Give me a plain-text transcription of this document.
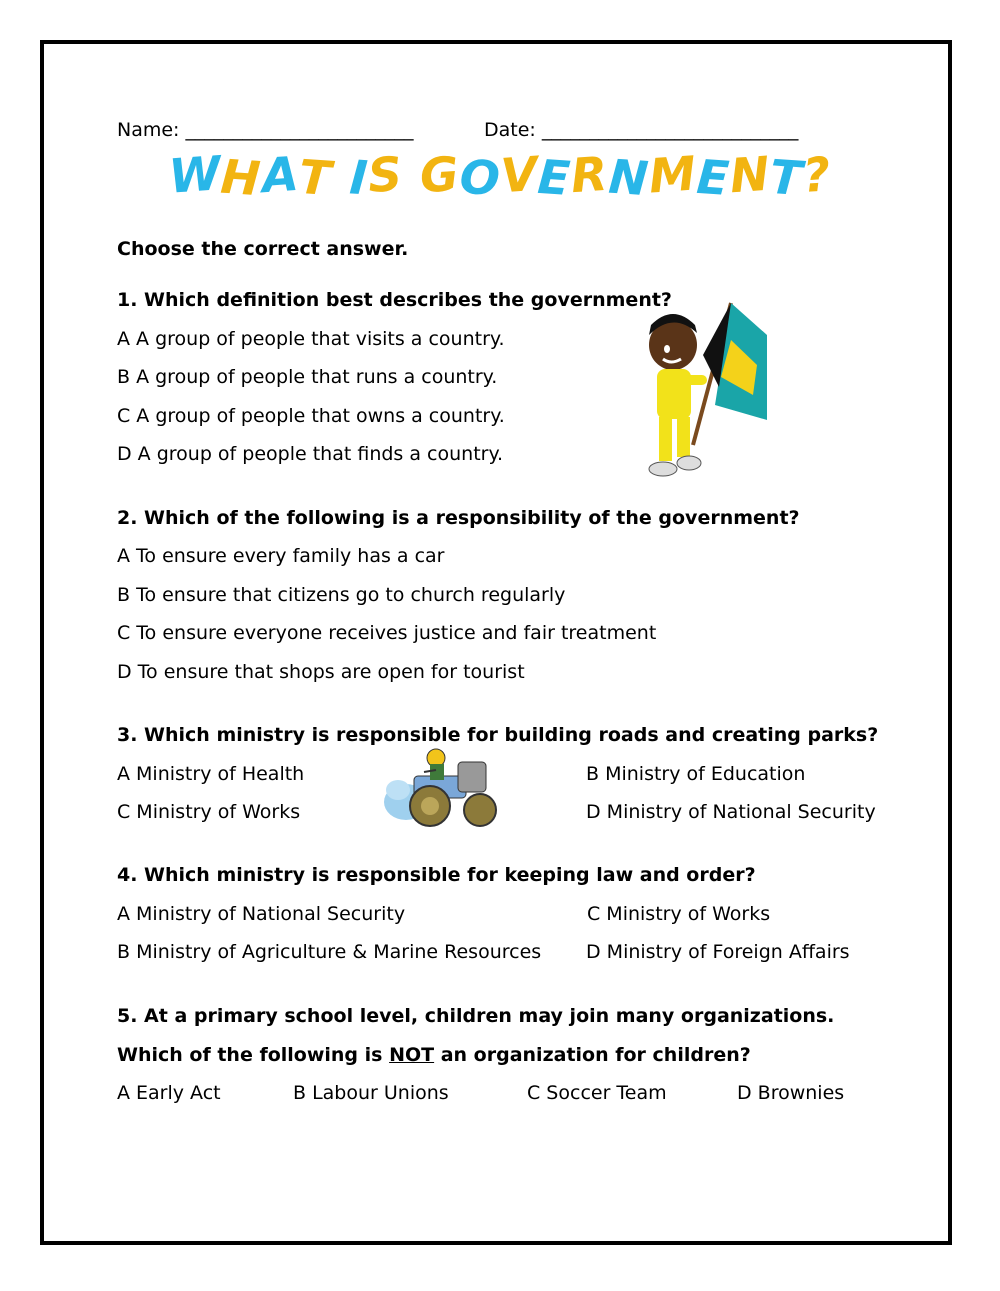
Name: ________________________	Date: ___________________________
WHAT IS GOVERNMENT?
Choose the correct answer.
1. Which definition best describes the government?
A A group of people that visits a country.
B A group of people that runs a country.
C A group of people that owns a country.
D A group of people that finds a country.
2. Which of the following is a responsibility of the government?
A To ensure every family has a car
B To ensure that citizens go to church regularly
C To ensure everyone receives justice and fair treatment
D To ensure that shops are open for tourist
3. Which ministry is responsible for building roads and creating parks?
A Ministry of Health	B Ministry of Education
C Ministry of Works	D Ministry of National Security
4. Which ministry is responsible for keeping law and order?
A Ministry of National Security	C Ministry of Works
B Ministry of Agriculture & Marine Resources D Ministry of Foreign Affairs
5. At a primary school level, children may join many organizations.
Which of the following is NOT an organization for children?
A Early Act	B Labour Unions	C Soccer Team	D Brownies
